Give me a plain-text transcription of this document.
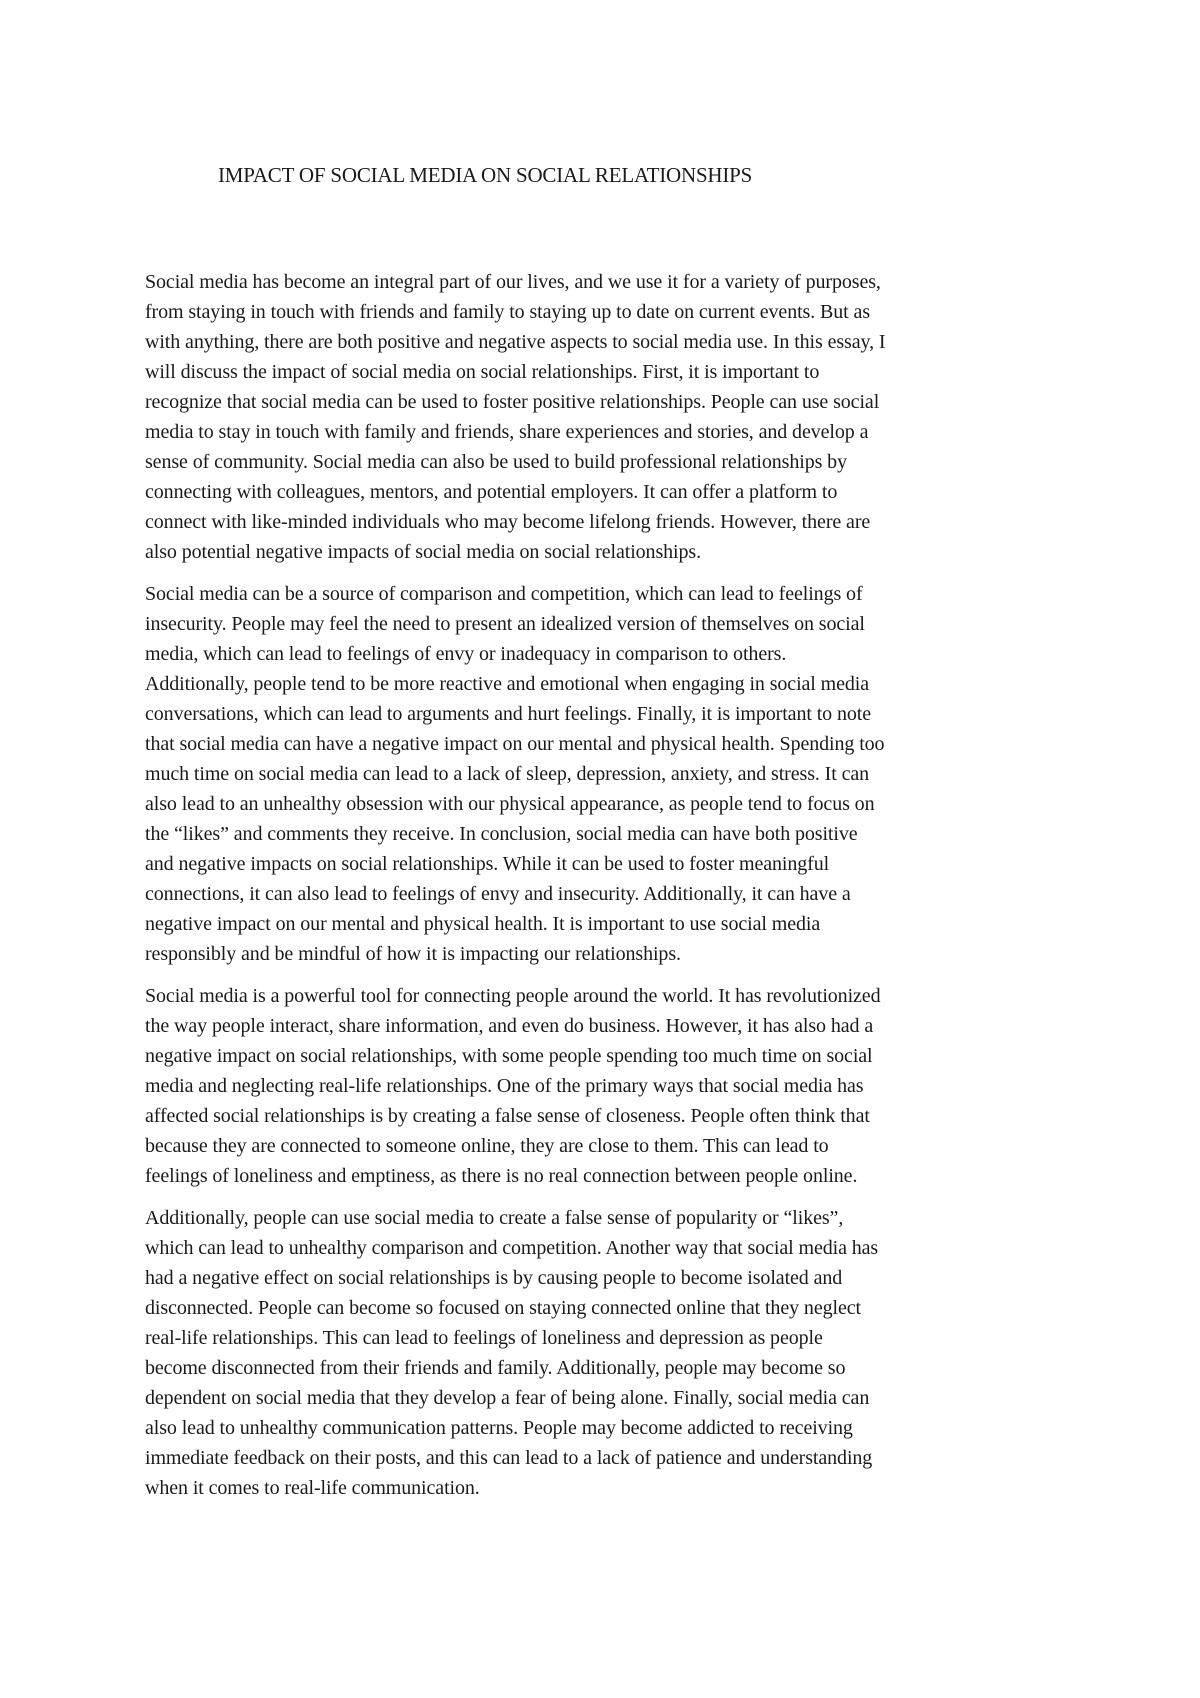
IMPACT OF SOCIAL MEDIA ON SOCIAL RELATIONSHIPS

Social media has become an integral part of our lives, and we use it for a variety of purposes,
from staying in touch with friends and family to staying up to date on current events. But as
with anything, there are both positive and negative aspects to social media use. In this essay, I
will discuss the impact of social media on social relationships. First, it is important to
recognize that social media can be used to foster positive relationships. People can use social
media to stay in touch with family and friends, share experiences and stories, and develop a
sense of community. Social media can also be used to build professional relationships by
connecting with colleagues, mentors, and potential employers. It can offer a platform to
connect with like-minded individuals who may become lifelong friends. However, there are
also potential negative impacts of social media on social relationships.

Social media can be a source of comparison and competition, which can lead to feelings of
insecurity. People may feel the need to present an idealized version of themselves on social
media, which can lead to feelings of envy or inadequacy in comparison to others.
Additionally, people tend to be more reactive and emotional when engaging in social media
conversations, which can lead to arguments and hurt feelings. Finally, it is important to note
that social media can have a negative impact on our mental and physical health. Spending too
much time on social media can lead to a lack of sleep, depression, anxiety, and stress. It can
also lead to an unhealthy obsession with our physical appearance, as people tend to focus on
the “likes” and comments they receive. In conclusion, social media can have both positive
and negative impacts on social relationships. While it can be used to foster meaningful
connections, it can also lead to feelings of envy and insecurity. Additionally, it can have a
negative impact on our mental and physical health. It is important to use social media
responsibly and be mindful of how it is impacting our relationships.

Social media is a powerful tool for connecting people around the world. It has revolutionized
the way people interact, share information, and even do business. However, it has also had a
negative impact on social relationships, with some people spending too much time on social
media and neglecting real-life relationships. One of the primary ways that social media has
affected social relationships is by creating a false sense of closeness. People often think that
because they are connected to someone online, they are close to them. This can lead to
feelings of loneliness and emptiness, as there is no real connection between people online.

Additionally, people can use social media to create a false sense of popularity or “likes”,
which can lead to unhealthy comparison and competition. Another way that social media has
had a negative effect on social relationships is by causing people to become isolated and
disconnected. People can become so focused on staying connected online that they neglect
real-life relationships. This can lead to feelings of loneliness and depression as people
become disconnected from their friends and family. Additionally, people may become so
dependent on social media that they develop a fear of being alone. Finally, social media can
also lead to unhealthy communication patterns. People may become addicted to receiving
immediate feedback on their posts, and this can lead to a lack of patience and understanding
when it comes to real-life communication.
